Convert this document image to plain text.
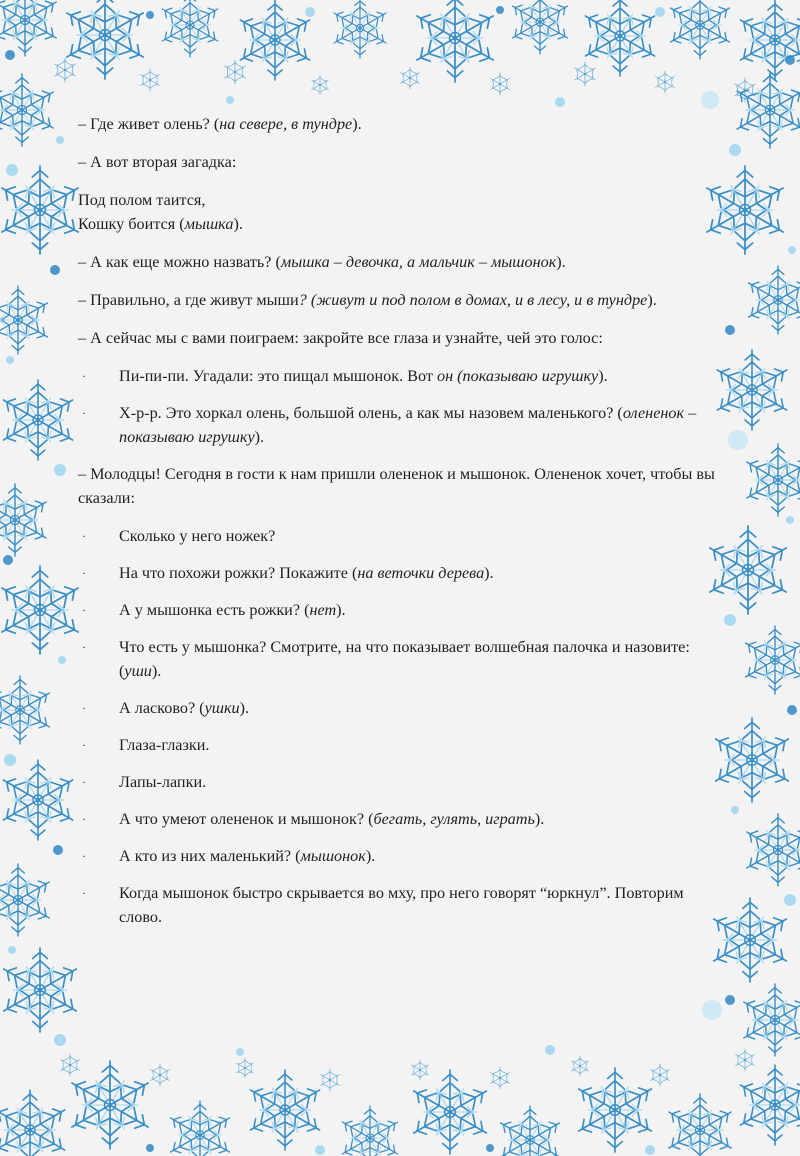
– Где живет олень? (на севере, в тундре).

– А вот вторая загадка:

Под полом таится,
Кошку боится (мышка).

– А как еще можно назвать? (мышка – девочка, а мальчик – мышонок).

– Правильно, а где живут мыши? (живут и под полом в домах, и в лесу, и в тундре).

– А сейчас мы с вами поиграем: закройте все глаза и узнайте, чей это голос:

· Пи-пи-пи. Угадали: это пищал мышонок. Вот он (показываю игрушку).
· Х-р-р. Это хоркал олень, большой олень, а как мы назовем маленького? (олененок – показываю игрушку).

– Молодцы! Сегодня в гости к нам пришли олененок и мышонок. Олененок хочет, чтобы вы сказали:

· Сколько у него ножек?
· На что похожи рожки? Покажите (на веточки дерева).
· А у мышонка есть рожки? (нет).
· Что есть у мышонка? Смотрите, на что показывает волшебная палочка и назовите: (уши).
· А ласково? (ушки).
· Глаза-глазки.
· Лапы-лапки.
· А что умеют олененок и мышонок? (бегать, гулять, играть).
· А кто из них маленький? (мышонок).
· Когда мышонок быстро скрывается во мху, про него говорят “юркнул”. Повторим слово.
